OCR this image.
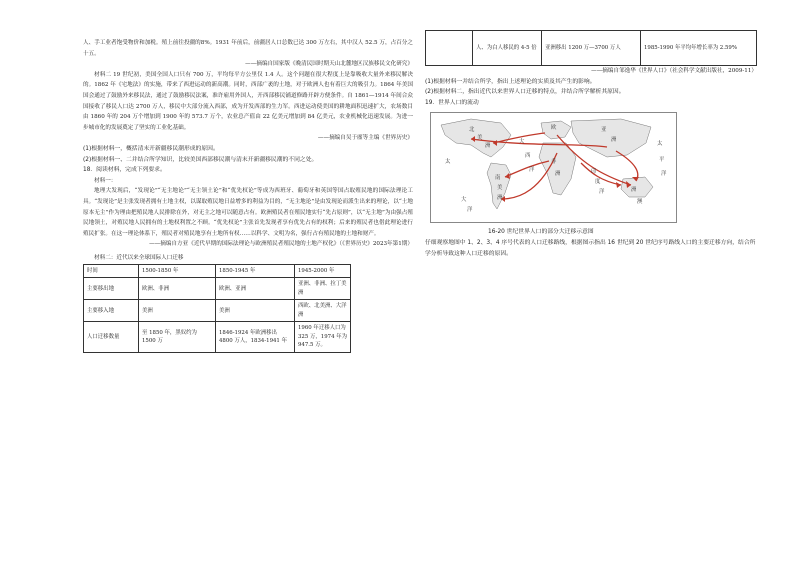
人、手工业者饱受物价和加税。殖上前往投疆的8%。1931 年前后，前疆居人口总数已达 300 万左右，其中汉人 52.5 万，占百分之十五。

——摘编自国家版《晚清民国时期天山北麓地区汉族移民文化研究》

材料二 19 世纪初，美国全国人口只有 700 万，平均每平方公里仅 1.4 人。这个问题在很大程度上是靠吸收大量外来移民解决的。1862 年《宅地法》的实施，带来了西进运动的新高潮。同时，西部广袤的土地，对于欧洲人也有着巨大的吸引力。1864 年美国国会通过了鼓励外来移民法，通过了鼓励移民法案，准许雇用外国人，开西部移民铺道修路开辟方便条件。自 1861—1914 年间合众国接收了移民人口达 2700 万人，移民中大部分流入西部，成为开发西部的生力军。西进运动使美国的耕地面积迅速扩大，农场数目由 1860 年的 204 万个增加到 1900 年的 573.7 万个，农业总产值由 22 亿美元增加到 84 亿美元，农业机械化迅速发展。为进一步城市化的发展奠定了坚实的工业化基础。

——摘编自吴于廑等主编《世界历史》

(1)根据材料一，概括清末开新疆移民潮形成的原因。

(2)根据材料一、二并结合所学知识，比较美国西部移民潮与清末开新疆移民潮的不同之处。

18．阅读材料，完成下列要求。

材料一：

地理大发现后，“发现论”“无主地论”“无主领土论”和“优先权论”等成为西班牙、葡萄牙和英国等国占取殖民地的国际法理论工具。“发现论”是主张发现者拥有土地主权，以谋取殖民地日益增多的利益为目的，“无主地论”是由发现论而派生出来的理论，以“土地原本无主”作为理由把殖民地人民排除在外，对无主之地可以随意占有。欧洲殖民者在殖民地实行“先占原则”，以“无主地”为由强占殖民地领土，对殖民地人民拥有的土地权利置之不顾。“优先权论”主张首先发现者享有优先占有的权利；后来的殖民者也借此理论进行殖民扩张。在这一理论体系下，殖民者对殖民地享有土地所有权……以科学、文明为名，强行占有殖民地的土地和财产。

——摘编自方亚《近代早期的国际法理论与欧洲殖民者殖民地的土地产权化》（《世界历史》2023年第1期）

材料二：近代以来全球国际人口迁移

时间	1500-1850 年	1850-1945 年	1945-2000 年
主要移出地	欧洲、非洲	欧洲、亚洲	亚洲、非洲、拉丁美洲
主要移入地	美洲	美洲	西欧、北美洲、大洋洲
人口迁移数量	至 1850 年，黑奴约为 1500 万	1846-1924 年欧洲移出 4800 万人，1834-1941 年	1960 年迁移人口为 325 万，1974 年为 947.5 万。
	人、为白人移民的 4-5 倍	亚洲移出 1200 万—3700 万人	1985-1990 年平均年增长率为 2.59%

——摘编自邹逸华《世界人口》（社会科学文献出版社，2009-11）

(1)根据材料一并结合所学，指出上述理论的实质及其产生的影响。

(2)根据材料二，指出近代以来世界人口迁移的特点，并结合所学解析其原因。

19．世界人口的流动

北
美
洲
大
西
洋
欧	亚
洲
非
洲	印
度
洋
太
平
洋
南
美
洲
大
洋
洲
澳
太

16-20 世纪世界人口的部分大迁移示意图

仔细观察地图中 1、2、3、4 序号代表的人口迁移路线，根据图示指出 16 世纪到 20 世纪序号路线人口的主要迁移方向，结合所学分析导致这种人口迁移的原因。
